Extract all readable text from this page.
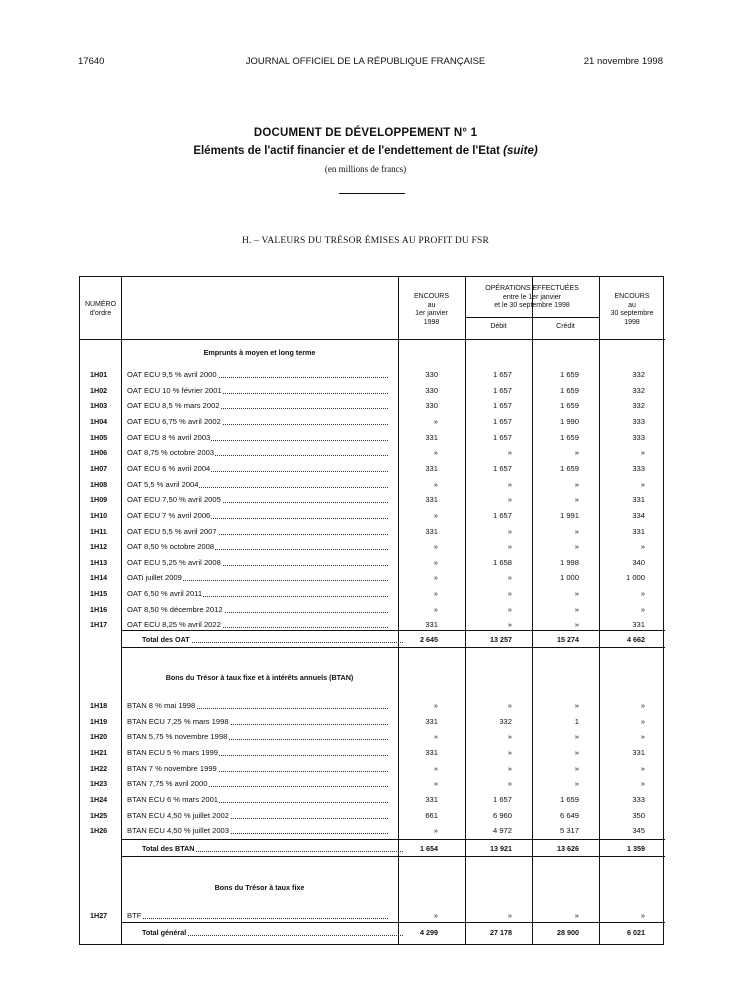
17640	JOURNAL OFFICIEL DE LA RÉPUBLIQUE FRANÇAISE	21 novembre 1998
DOCUMENT DE DÉVELOPPEMENT N° 1
Eléments de l'actif financier et de l'endettement de l'Etat (suite)
(en millions de francs)
H. – VALEURS DU TRÉSOR ÉMISES AU PROFIT DU FSR
NUMÉRO
d'ordre
ENCOURS
au
1er janvier
1998
OPÉRATIONS EFFECTUÉES
entre le 1er janvier
et le 30 septembre 1998
Débit	Crédit
ENCOURS
au
30 septembre
1998
Emprunts à moyen et long terme
Bons du Trésor à taux fixe et à intérêts annuels (BTAN)
Bons du Trésor à taux fixe
1H01	OAT ECU 9,5 % avril 2000	330	1 657	1 659	332
1H02	OAT ECU 10 % février 2001	330	1 657	1 659	332
1H03	OAT ECU 8,5 % mars 2002	330	1 657	1 659	332
1H04	OAT ECU 6,75 % avril 2002	»	1 657	1 990	333
1H05	OAT ECU 8 % avril 2003	331	1 657	1 659	333
1H06	OAT 8,75 % octobre 2003	»	»	»	»
1H07	OAT ECU 6 % avril 2004	331	1 657	1 659	333
1H08	OAT 5,5 % avril 2004	»	»	»	»
1H09	OAT ECU 7,50 % avril 2005	331	»	»	331
1H10	OAT ECU 7 % avril 2006	»	1 657	1 991	334
1H11	OAT ECU 5,5 % avril 2007	331	»	»	331
1H12	OAT 8,50 % octobre 2008	»	»	»	»
1H13	OAT ECU 5,25 % avril 2008	»	1 658	1 998	340
1H14	OATi juillet 2009	»	»	1 000	1 000
1H15	OAT 6,50 % avril 2011	»	»	»	»
1H16	OAT 8,50 % décembre 2012	»	»	»	»
1H17	OAT ECU 8,25 % avril 2022	331	»	»	331
1H18	BTAN 8 % mai 1998	»	»	»	»
1H19	BTAN ECU 7,25 % mars 1998	331	332	1	»
1H20	BTAN 5,75 % novembre 1998	»	»	»	»
1H21	BTAN ECU 5 % mars 1999	331	»	»	331
1H22	BTAN 7 % novembre 1999	»	»	»	»
1H23	BTAN 7,75 % avril 2000	»	»	»	»
1H24	BTAN ECU 6 % mars 2001	331	1 657	1 659	333
1H25	BTAN ECU 4,50 % juillet 2002	661	6 960	6 649	350
1H26	BTAN ECU 4,50 % juillet 2003	»	4 972	5 317	345
1H27	BTF	»	»	»	»
Total des OAT	2 645	13 257	15 274	4 662
Total des BTAN	1 654	13 921	13 626	1 359
Total général	4 299	27 178	28 900	6 021
